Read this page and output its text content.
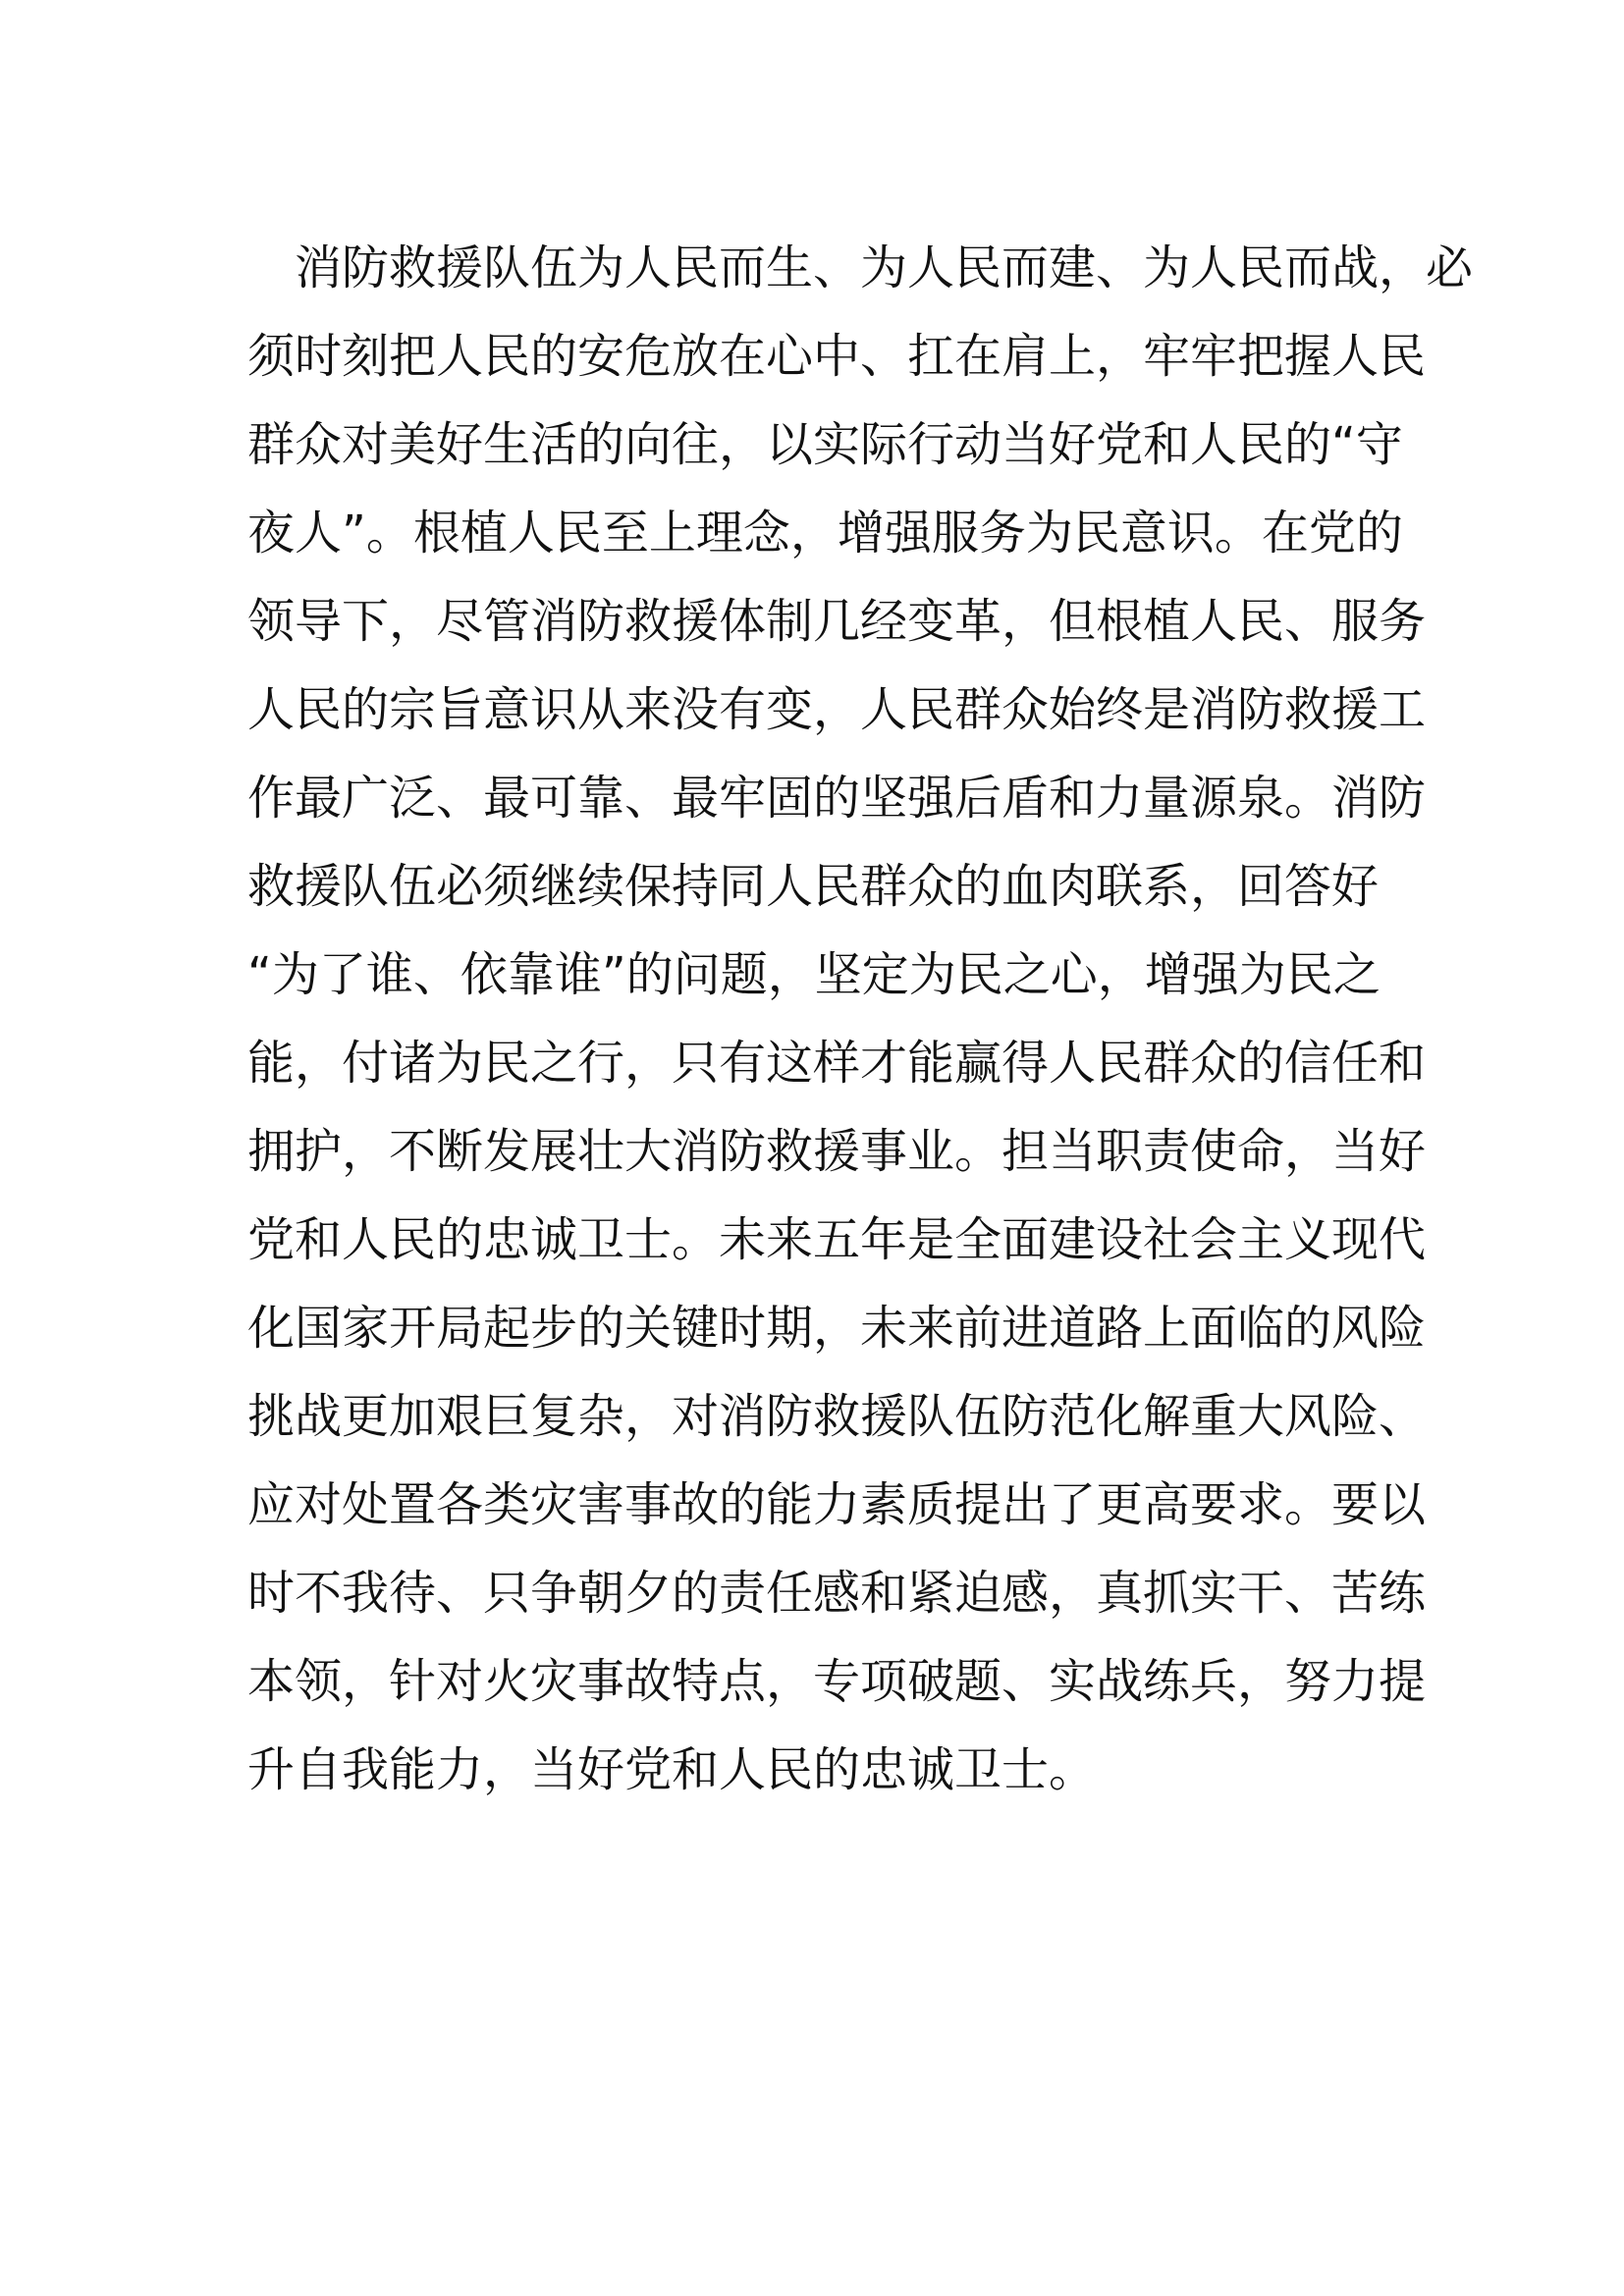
　消防救援队伍为人民而生、为人民而建、为人民而战，必
须时刻把人民的安危放在心中、扛在肩上，牢牢把握人民
群众对美好生活的向往，以实际行动当好党和人民的“守
夜人”。根植人民至上理念，增强服务为民意识。在党的
领导下，尽管消防救援体制几经变革，但根植人民、服务
人民的宗旨意识从来没有变，人民群众始终是消防救援工
作最广泛、最可靠、最牢固的坚强后盾和力量源泉。消防
救援队伍必须继续保持同人民群众的血肉联系，回答好
“为了谁、依靠谁”的问题，坚定为民之心，增强为民之
能，付诸为民之行，只有这样才能赢得人民群众的信任和
拥护，不断发展壮大消防救援事业。担当职责使命，当好
党和人民的忠诚卫士。未来五年是全面建设社会主义现代
化国家开局起步的关键时期，未来前进道路上面临的风险
挑战更加艰巨复杂，对消防救援队伍防范化解重大风险、
应对处置各类灾害事故的能力素质提出了更高要求。要以
时不我待、只争朝夕的责任感和紧迫感，真抓实干、苦练
本领，针对火灾事故特点，专项破题、实战练兵，努力提
升自我能力，当好党和人民的忠诚卫士。
